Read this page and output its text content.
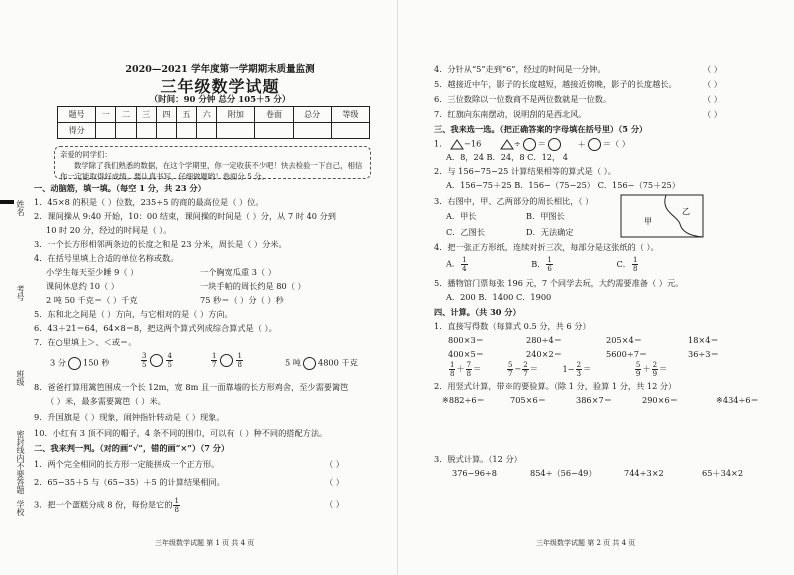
姓名
考号
班级
密封线内不要答题
学校
2020—2021 学年度第一学期期末质量监测
三年级数学试题
（时间：90 分钟 总分 105＋5 分）
题号	一	二	三	四	五	六	附加	卷面	总分	等级
得分										
亲爱的同学们：
数学除了我们熟悉的数据，在这个学期里，你一定收获不少吧！快去检验一下自己，相信
你一定能取得好成绩。要认真书写，仔细做题哟！卷面分 5 分。
一、动脑筋，填一填。（每空 1 分，共 23 分）
1．45×8 的积是（ ）位数，235÷5 的商的最高位是（ ）位。
2．课间操从 9:40 开始，10：00 结束，课间操的时间是（ ）分，从 7 时 40 分到
10 时 20 分，经过的时间是（ ）。
3．一个长方形相邻两条边的长度之和是 23 分米，周长是（ ）分米。
4．在括号里填上合适的单位名称或数。
小学生每天至少睡 9（ ）	一个胸宽瓜重 3（ ）
课间休息约 10（ ）	一块手帕的周长约是 80（ ）
2 吨 50 千克＝（ ）千克	75 秒＝（ ）分（ ）秒
5．东和北之间是（ ）方向，与它相对的是（ ）方向。
6．43＋21＝64，64×8＝8，把这两个算式列成综合算式是（ ）。
7．在○里填上＞、＜或＝。
3 分 150 秒	$\frac{3}{5}$	$\frac{4}{5}$	$\frac{1}{7}$	$\frac{1}{8}$	5 吨 4800 千克
8．爸爸打算用篱笆围成一个长 12m，宽 8m 且一面靠墙的长方形鸡舍，至少需要篱笆
（ ）米，最多需要篱笆（ ）米。
9．升国旗是（ ）现象，闹钟指针转动是（ ）现象。
10．小红有 3 顶不同的帽子，4 条不同的围巾，可以有（ ）种不同的搭配方法。
二、我来判一判。（对的画“√”，错的画“×”）（7 分）
1．两个完全相同的长方形一定能拼成一个正方形。	（ ）
2．65−35＋5 与（65−35）＋5 的计算结果相同。	（ ）
3．把一个蛋糕分成 8 份，每份是它的 $\frac{1}{8}$	（ ）
三年级数学试题 第 1 页 共 4 页
4．分针从“5”走到“6”，经过的时间是一分钟。	（ ）
5．越接近中午，影子的长度越短，越接近傍晚，影子的长度越长。	（ ）
6．三位数除以一位数商不是两位数就是一位数。	（ ）
7．红旗向东南摆动，说明刮的是西北风。	（ ）
三、我来选一选。（把正确答案的字母填在括号里）（5 分）
1． −16	÷ ＝	＋ ＝（ ）
A．8，24 B．24，8 C．12， 4
2．与 156−75−25 计算结果相等的算式是（ ）。
A．156−75＋25 B．156−（75−25） C．156−（75＋25）
3．右图中，甲、乙两部分的周长相比，（ ）
A．甲长	B．甲图长
C．乙图长	D．无法确定
甲
乙
4．把一张正方形纸，连续对折三次，每部分是这张纸的（ ）。
A． $\frac{1}{4}$	B． $\frac{1}{6}$	C． $\frac{1}{8}$
5．播物馆门票每张 196 元，7 个同学去玩，大约需要准备（ ）元。
A．200 B．1400 C．1900
四、计算。（共 30 分）
1．直接写得数（每算式 0.5 分，共 6 分）
800×3＝	280÷4＝	205×4＝	18×4＝
400×5＝	240×2＝	5600÷7＝	36÷3＝
$\frac{1}{8} + \frac{7}{8}$ ＝	$\frac{5}{7} - \frac{2}{7}$ ＝	$1- \frac{2}{3}$ ＝	$\frac{5}{9} + \frac{2}{9}$ ＝
2．用竖式计算，带※的要验算。（除 1 分，验算 1 分，共 12 分）
※882÷6＝	705×6＝	386×7＝	290×6＝	※434÷6＝
3．脱式计算。（12 分）
376−96÷8	854÷（56−49）	744÷3×2	65＋34×2
三年级数学试题 第 2 页 共 4 页
